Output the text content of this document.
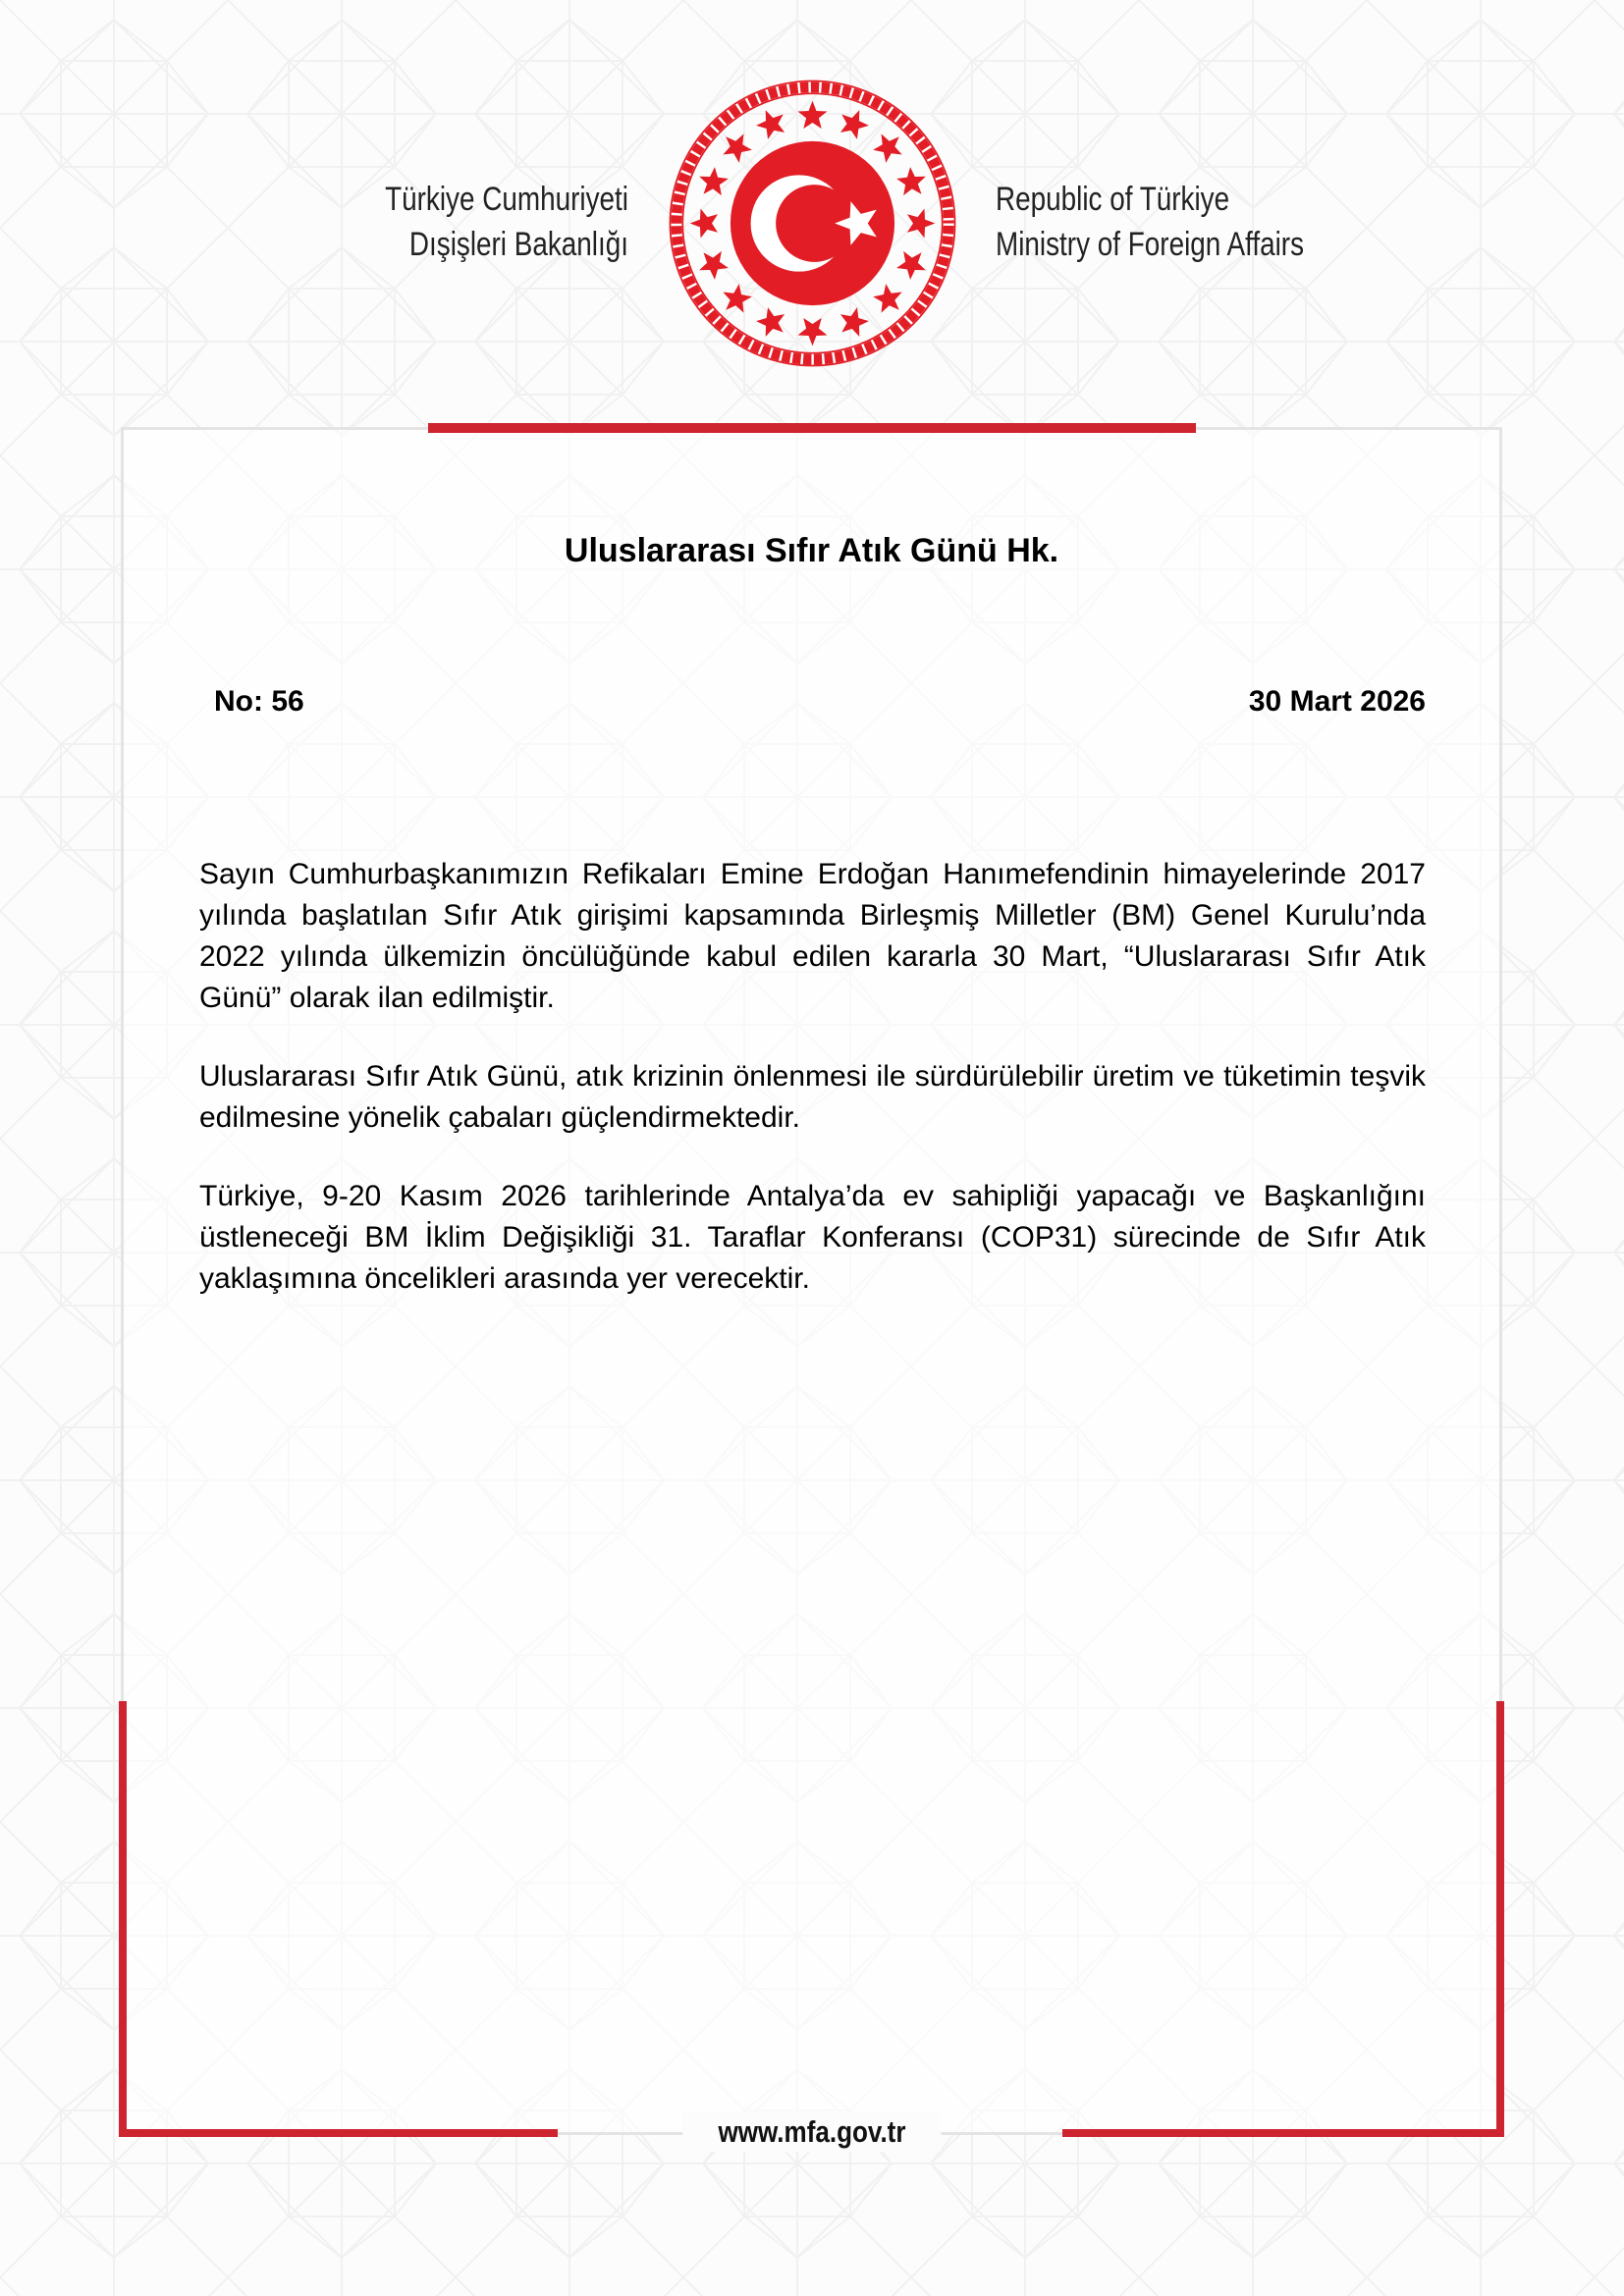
Türkiye Cumhuriyeti
Dışişleri Bakanlığı
Republic of Türkiye
Ministry of Foreign Affairs
Uluslararası Sıfır Atık Günü Hk.
No: 56	30 Mart 2026

Sayın Cumhurbaşkanımızın Refikaları Emine Erdoğan Hanımefendinin himayelerinde 2017 yılında başlatılan Sıfır Atık girişimi kapsamında Birleşmiş Milletler (BM) Genel Kurulu’nda 2022 yılında ülkemizin öncülüğünde kabul edilen kararla 30 Mart, “Uluslararası Sıfır Atık Günü” olarak ilan edilmiştir.

Uluslararası Sıfır Atık Günü, atık krizinin önlenmesi ile sürdürülebilir üretim ve tüketimin teşvik edilmesine yönelik çabaları güçlendirmektedir.

Türkiye, 9-20 Kasım 2026 tarihlerinde Antalya’da ev sahipliği yapacağı ve Başkanlığını üstleneceği BM İklim Değişikliği 31. Taraflar Konferansı (COP31) sürecinde de Sıfır Atık yaklaşımına öncelikleri arasında yer verecektir.

www.mfa.gov.tr
